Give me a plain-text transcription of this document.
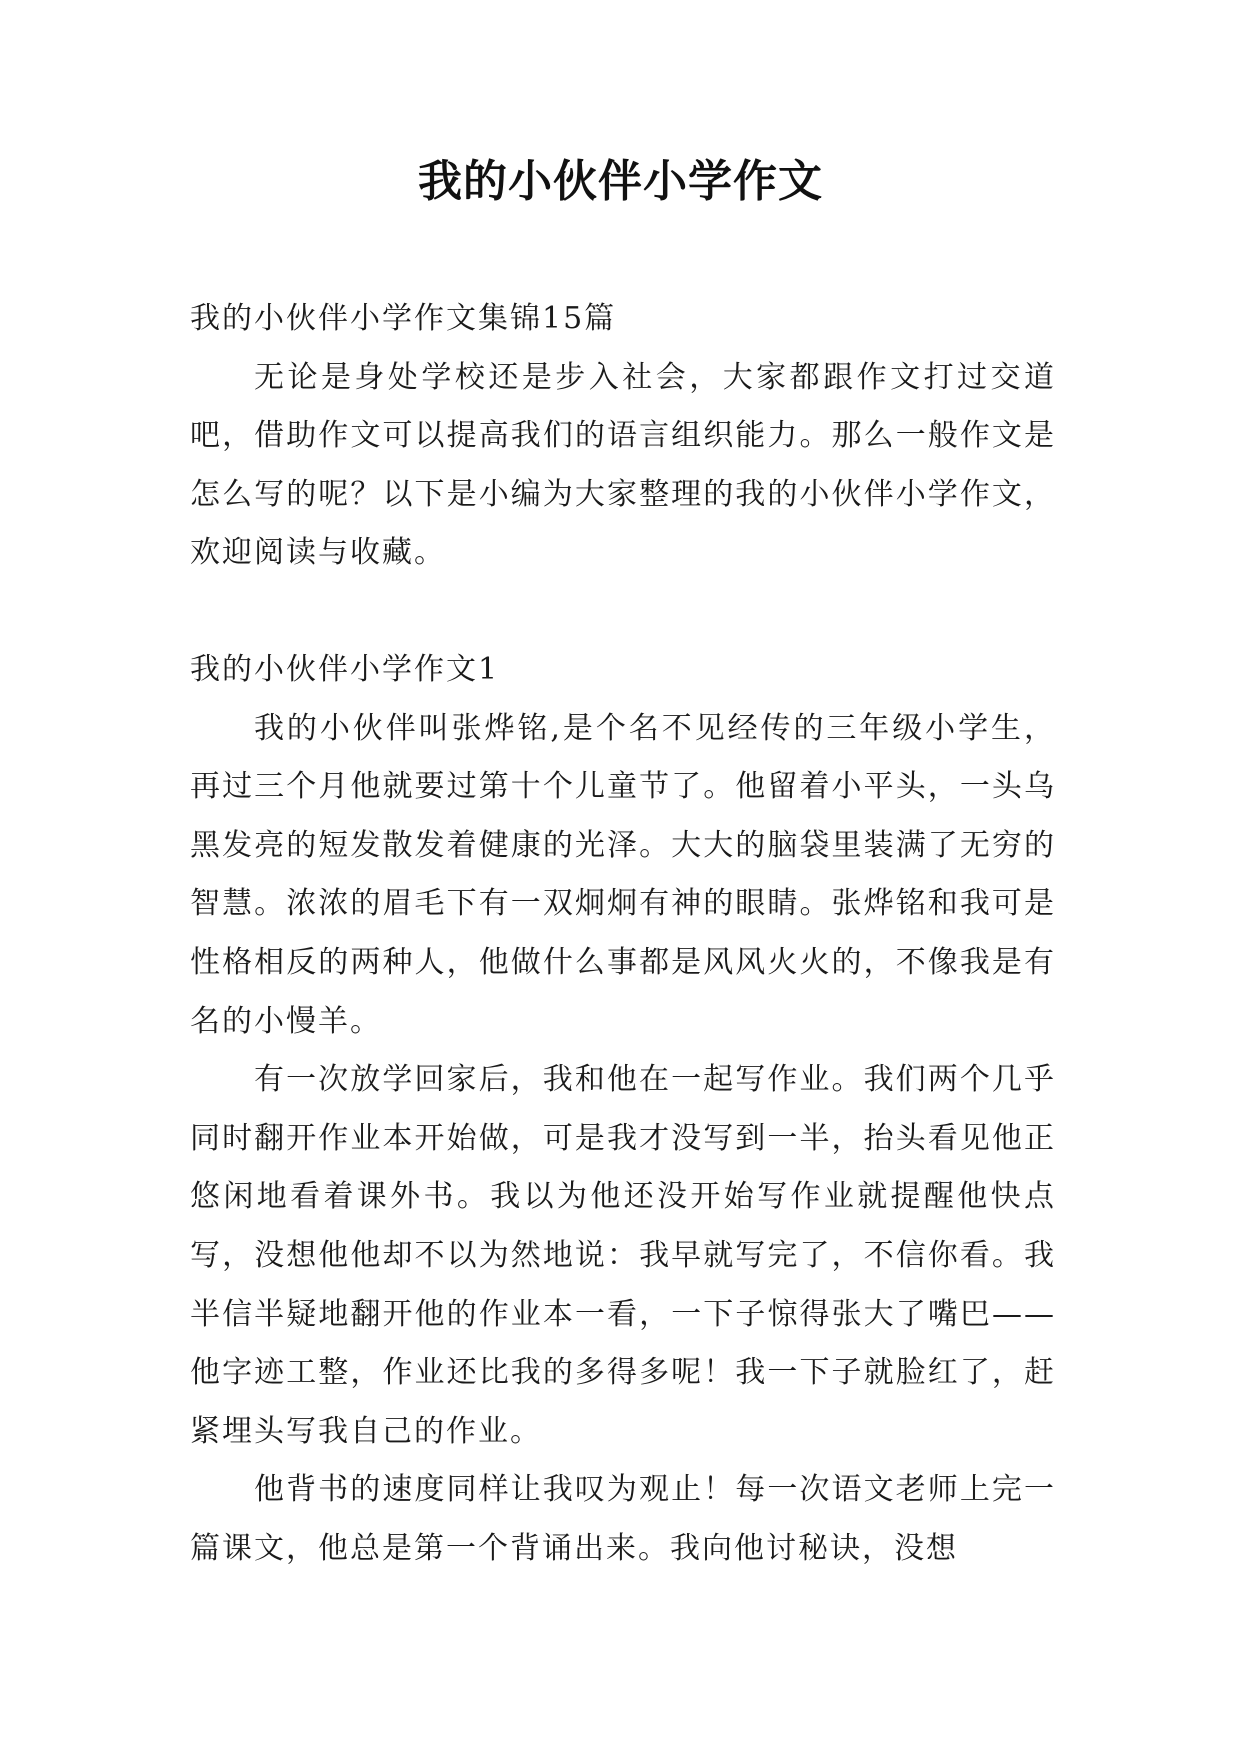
我的小伙伴小学作文

我的小伙伴小学作文集锦15篇

无论是身处学校还是步入社会，大家都跟作文打过交道吧，借助作文可以提高我们的语言组织能力。那么一般作文是怎么写的呢？以下是小编为大家整理的我的小伙伴小学作文，欢迎阅读与收藏。

我的小伙伴小学作文1

我的小伙伴叫张烨铭,是个名不见经传的三年级小学生，再过三个月他就要过第十个儿童节了。他留着小平头，一头乌黑发亮的短发散发着健康的光泽。大大的脑袋里装满了无穷的智慧。浓浓的眉毛下有一双炯炯有神的眼睛。张烨铭和我可是性格相反的两种人，他做什么事都是风风火火的，不像我是有名的小慢羊。

有一次放学回家后，我和他在一起写作业。我们两个几乎同时翻开作业本开始做，可是我才没写到一半，抬头看见他正悠闲地看着课外书。我以为他还没开始写作业就提醒他快点写，没想他他却不以为然地说：我早就写完了，不信你看。我半信半疑地翻开他的作业本一看，一下子惊得张大了嘴巴——他字迹工整，作业还比我的多得多呢！我一下子就脸红了，赶紧埋头写我自己的作业。

他背书的速度同样让我叹为观止！每一次语文老师上完一篇课文，他总是第一个背诵出来。我向他讨秘诀，没想
